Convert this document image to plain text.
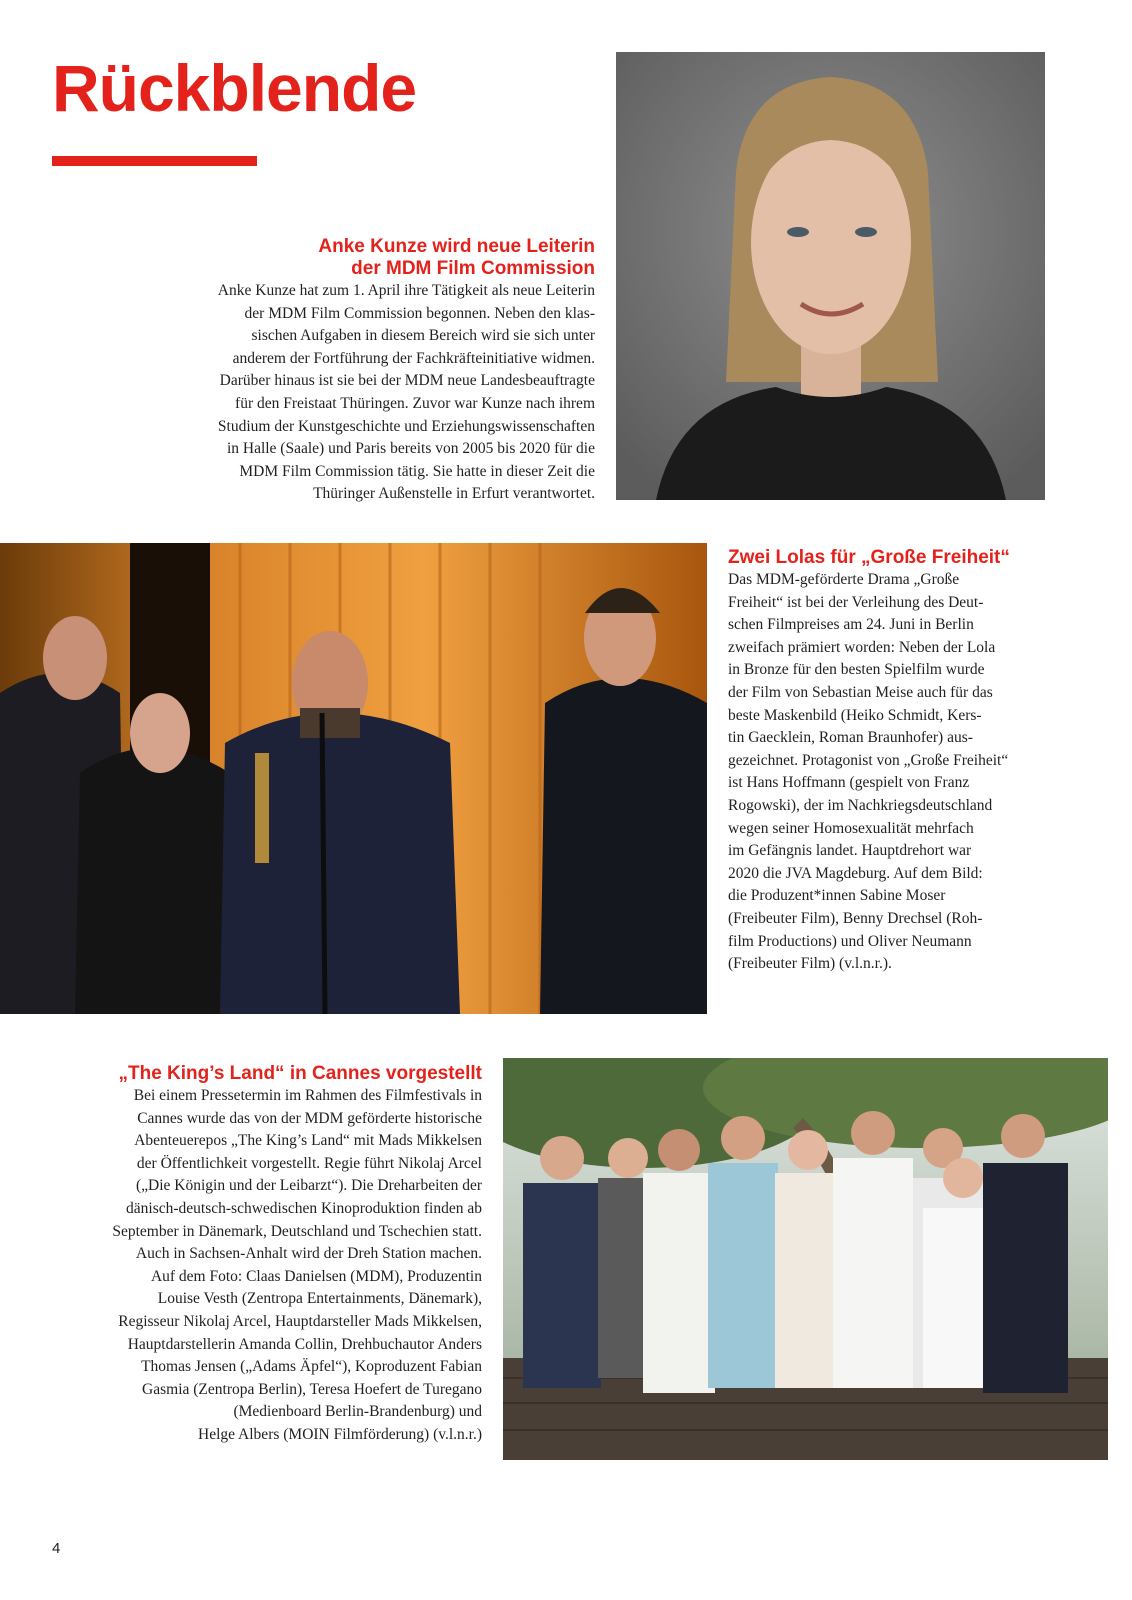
Rückblende
Anke Kunze wird neue Leiterin
der MDM Film Commission

Anke Kunze hat zum 1. April ihre Tätigkeit als neue Leiterin
der MDM Film Commission begonnen. Neben den klas-
sischen Aufgaben in diesem Bereich wird sie sich unter
anderem der Fortführung der Fachkräfteinitiative widmen.
Darüber hinaus ist sie bei der MDM neue Landesbeauftragte
für den Freistaat Thüringen. Zuvor war Kunze nach ihrem
Studium der Kunstgeschichte und Erziehungswissenschaften
in Halle (Saale) und Paris bereits von 2005 bis 2020 für die
MDM Film Commission tätig. Sie hatte in dieser Zeit die
Thüringer Außenstelle in Erfurt verantwortet.

Zwei Lolas für „Große Freiheit“

Das MDM-geförderte Drama „Große
Freiheit“ ist bei der Verleihung des Deut-
schen Filmpreises am 24. Juni in Berlin
zweifach prämiert worden: Neben der Lola
in Bronze für den besten Spielfilm wurde
der Film von Sebastian Meise auch für das
beste Maskenbild (Heiko Schmidt, Kers-
tin Gaecklein, Roman Braunhofer) aus-
gezeichnet. Protagonist von „Große Freiheit“
ist Hans Hoffmann (gespielt von Franz
Rogowski), der im Nachkriegsdeutschland
wegen seiner Homosexualität mehrfach
im Gefängnis landet. Hauptdrehort war
2020 die JVA Magdeburg. Auf dem Bild:
die Produzent*innen Sabine Moser
(Freibeuter Film), Benny Drechsel (Roh-
film Productions) und Oliver Neumann
(Freibeuter Film) (v.l.n.r.).

„The King’s Land“ in Cannes vorgestellt

Bei einem Pressetermin im Rahmen des Filmfestivals in
Cannes wurde das von der MDM geförderte historische
Abenteuerepos „The King’s Land“ mit Mads Mikkelsen
der Öffentlichkeit vorgestellt. Regie führt Nikolaj Arcel
(„Die Königin und der Leibarzt“). Die Dreharbeiten der
dänisch-deutsch-schwedischen Kinoproduktion finden ab
September in Dänemark, Deutschland und Tschechien statt.
Auch in Sachsen-Anhalt wird der Dreh Station machen.
Auf dem Foto: Claas Danielsen (MDM), Produzentin
Louise Vesth (Zentropa Entertainments, Dänemark),
Regisseur Nikolaj Arcel, Hauptdarsteller Mads Mikkelsen,
Hauptdarstellerin Amanda Collin, Drehbuchautor Anders
Thomas Jensen („Adams Äpfel“), Koproduzent Fabian
Gasmia (Zentropa Berlin), Teresa Hoefert de Turegano
(Medienboard Berlin-Brandenburg) und
Helge Albers (MOIN Filmförderung) (v.l.n.r.)

4
